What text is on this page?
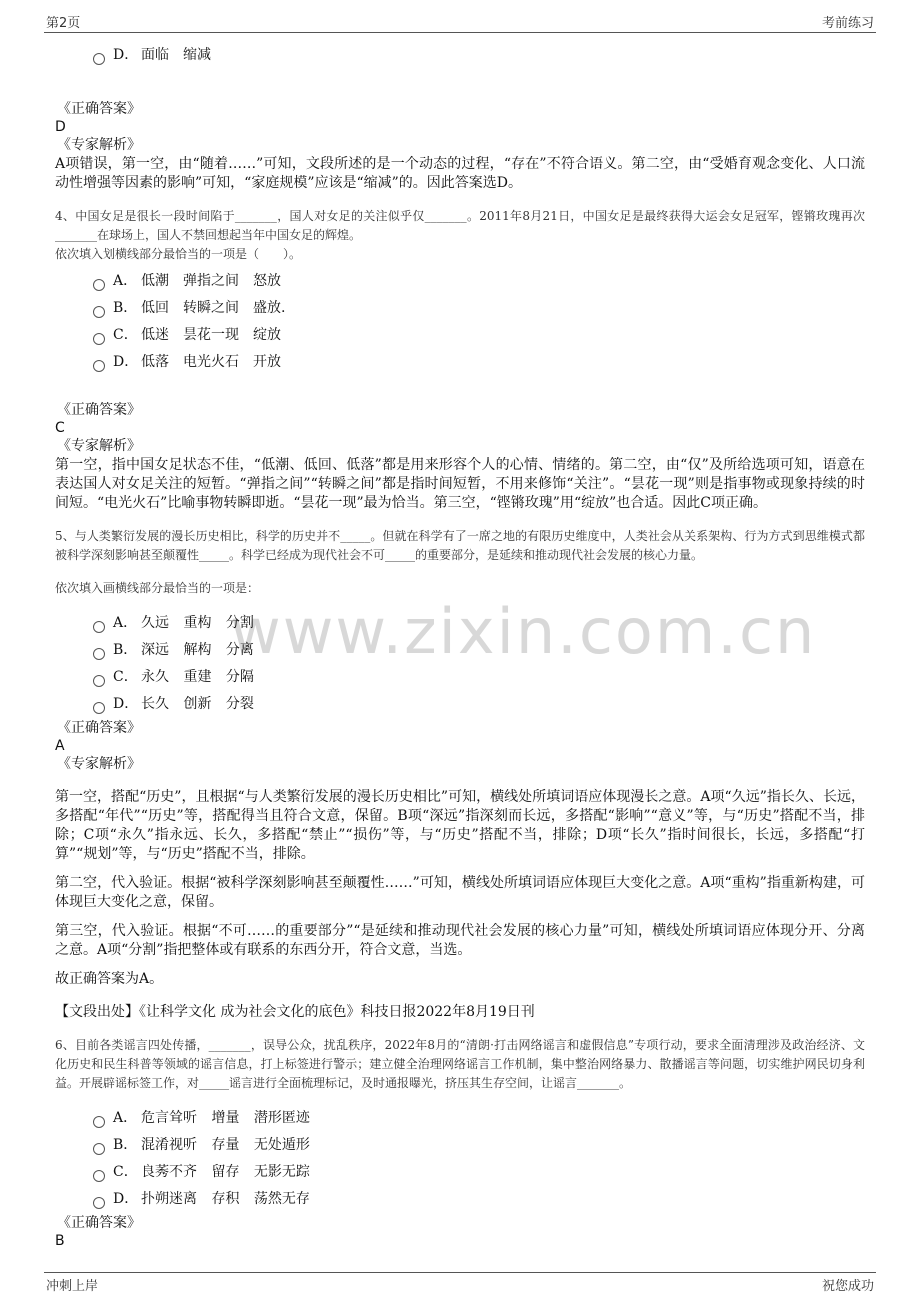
第2页	考前练习
www.zixin.com.cn
D． 面临　缩减
《正确答案》
D
《专家解析》

A项错误，第一空，由“随着……”可知，文段所述的是一个动态的过程，“存在”不符合语义。第二空，由“受婚育观念变化、人口流动性增强等因素的影响”可知，“家庭规模”应该是“缩减”的。因此答案选D。

4、中国女足是很长一段时间陷于_______，国人对女足的关注似乎仅_______。2011年8月21日，中国女足是最终获得大运会女足冠军，铿锵玫瑰再次_______在球场上，国人不禁回想起当年中国女足的辉煌。

依次填入划横线部分最恰当的一项是（　　）。

A． 低潮　弹指之间　怒放
B． 低回　转瞬之间　盛放.
C． 低迷　昙花一现　绽放
D． 低落　电光火石　开放
《正确答案》
C
《专家解析》

第一空，指中国女足状态不佳，“低潮、低回、低落”都是用来形容个人的心情、情绪的。第二空，由“仅”及所给选项可知，语意在表达国人对女足关注的短暂。“弹指之间”“转瞬之间”都是指时间短暂，不用来修饰“关注”。“昙花一现”则是指事物或现象持续的时间短。“电光火石”比喻事物转瞬即逝。“昙花一现”最为恰当。第三空，“铿锵玫瑰”用“绽放”也合适。因此C项正确。

5、与人类繁衍发展的漫长历史相比，科学的历史并不_____。但就在科学有了一席之地的有限历史维度中，人类社会从关系架构、行为方式到思维模式都被科学深刻影响甚至颠覆性_____。科学已经成为现代社会不可_____的重要部分，是延续和推动现代社会发展的核心力量。

依次填入画横线部分最恰当的一项是：

A． 久远 重构 分割
B． 深远 解构 分离
C． 永久 重建 分隔
D． 长久 创新 分裂
《正确答案》
A
《专家解析》

第一空，搭配“历史”，且根据“与人类繁衍发展的漫长历史相比”可知，横线处所填词语应体现漫长之意。A项“久远”指长久、长远，多搭配“年代”“历史”等，搭配得当且符合文意，保留。B项“深远”指深刻而长远，多搭配“影响”“意义”等，与“历史”搭配不当，排除；C项“永久”指永远、长久，多搭配“禁止”“损伤”等，与“历史”搭配不当，排除；D项“长久”指时间很长，长远，多搭配“打算”“规划”等，与“历史”搭配不当，排除。

第二空，代入验证。根据“被科学深刻影响甚至颠覆性……”可知，横线处所填词语应体现巨大变化之意。A项“重构”指重新构建，可体现巨大变化之意，保留。

第三空，代入验证。根据“不可……的重要部分”“是延续和推动现代社会发展的核心力量”可知，横线处所填词语应体现分开、分离之意。A项“分割”指把整体或有联系的东西分开，符合文意，当选。

故正确答案为A。

【文段出处】《让科学文化 成为社会文化的底色》科技日报2022年8月19日刊

6、目前各类谣言四处传播，_______，误导公众，扰乱秩序，2022年8月的“清朗·打击网络谣言和虚假信息”专项行动，要求全面清理涉及政治经济、文化历史和民生科普等领域的谣言信息，打上标签进行警示；建立健全治理网络谣言工作机制，集中整治网络暴力、散播谣言等问题，切实维护网民切身利益。开展辟谣标签工作，对_____谣言进行全面梳理标记，及时通报曝光，挤压其生存空间，让谣言_______。

A． 危言耸听 增量 潜形匿迹
B． 混淆视听 存量 无处遁形
C． 良莠不齐 留存 无影无踪
D． 扑朔迷离 存积 荡然无存
《正确答案》
B
冲刺上岸	祝您成功
